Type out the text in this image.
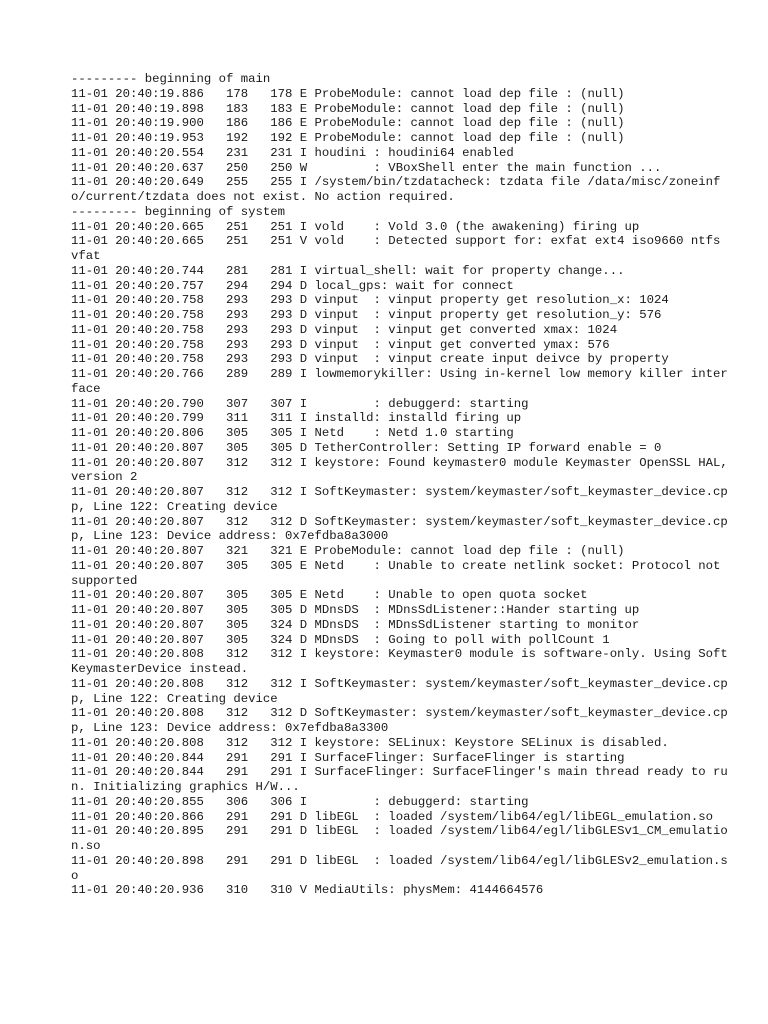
--------- beginning of main
11-01 20:40:19.886   178   178 E ProbeModule: cannot load dep file : (null)
11-01 20:40:19.898   183   183 E ProbeModule: cannot load dep file : (null)
11-01 20:40:19.900   186   186 E ProbeModule: cannot load dep file : (null)
11-01 20:40:19.953   192   192 E ProbeModule: cannot load dep file : (null)
11-01 20:40:20.554   231   231 I houdini : houdini64 enabled
11-01 20:40:20.637   250   250 W         : VBoxShell enter the main function ...
11-01 20:40:20.649   255   255 I /system/bin/tzdatacheck: tzdata file /data/misc/zoneinfo/current/tzdata does not exist. No action required.
--------- beginning of system
11-01 20:40:20.665   251   251 I vold    : Vold 3.0 (the awakening) firing up
11-01 20:40:20.665   251   251 V vold    : Detected support for: exfat ext4 iso9660 ntfs vfat
11-01 20:40:20.744   281   281 I virtual_shell: wait for property change...
11-01 20:40:20.757   294   294 D local_gps: wait for connect
11-01 20:40:20.758   293   293 D vinput  : vinput property get resolution_x: 1024
11-01 20:40:20.758   293   293 D vinput  : vinput property get resolution_y: 576
11-01 20:40:20.758   293   293 D vinput  : vinput get converted xmax: 1024
11-01 20:40:20.758   293   293 D vinput  : vinput get converted ymax: 576
11-01 20:40:20.758   293   293 D vinput  : vinput create input deivce by property
11-01 20:40:20.766   289   289 I lowmemorykiller: Using in-kernel low memory killer interface
11-01 20:40:20.790   307   307 I         : debuggerd: starting
11-01 20:40:20.799   311   311 I installd: installd firing up
11-01 20:40:20.806   305   305 I Netd    : Netd 1.0 starting
11-01 20:40:20.807   305   305 D TetherController: Setting IP forward enable = 0
11-01 20:40:20.807   312   312 I keystore: Found keymaster0 module Keymaster OpenSSL HAL, version 2
11-01 20:40:20.807   312   312 I SoftKeymaster: system/keymaster/soft_keymaster_device.cpp, Line 122: Creating device
11-01 20:40:20.807   312   312 D SoftKeymaster: system/keymaster/soft_keymaster_device.cpp, Line 123: Device address: 0x7efdba8a3000
11-01 20:40:20.807   321   321 E ProbeModule: cannot load dep file : (null)
11-01 20:40:20.807   305   305 E Netd    : Unable to create netlink socket: Protocol not supported
11-01 20:40:20.807   305   305 E Netd    : Unable to open quota socket
11-01 20:40:20.807   305   305 D MDnsDS  : MDnsSdListener::Hander starting up
11-01 20:40:20.807   305   324 D MDnsDS  : MDnsSdListener starting to monitor
11-01 20:40:20.807   305   324 D MDnsDS  : Going to poll with pollCount 1
11-01 20:40:20.808   312   312 I keystore: Keymaster0 module is software-only. Using SoftKeymasterDevice instead.
11-01 20:40:20.808   312   312 I SoftKeymaster: system/keymaster/soft_keymaster_device.cpp, Line 122: Creating device
11-01 20:40:20.808   312   312 D SoftKeymaster: system/keymaster/soft_keymaster_device.cpp, Line 123: Device address: 0x7efdba8a3300
11-01 20:40:20.808   312   312 I keystore: SELinux: Keystore SELinux is disabled.
11-01 20:40:20.844   291   291 I SurfaceFlinger: SurfaceFlinger is starting
11-01 20:40:20.844   291   291 I SurfaceFlinger: SurfaceFlinger's main thread ready to run. Initializing graphics H/W...
11-01 20:40:20.855   306   306 I         : debuggerd: starting
11-01 20:40:20.866   291   291 D libEGL  : loaded /system/lib64/egl/libEGL_emulation.so
11-01 20:40:20.895   291   291 D libEGL  : loaded /system/lib64/egl/libGLESv1_CM_emulation.so
11-01 20:40:20.898   291   291 D libEGL  : loaded /system/lib64/egl/libGLESv2_emulation.so
11-01 20:40:20.936   310   310 V MediaUtils: physMem: 4144664576
